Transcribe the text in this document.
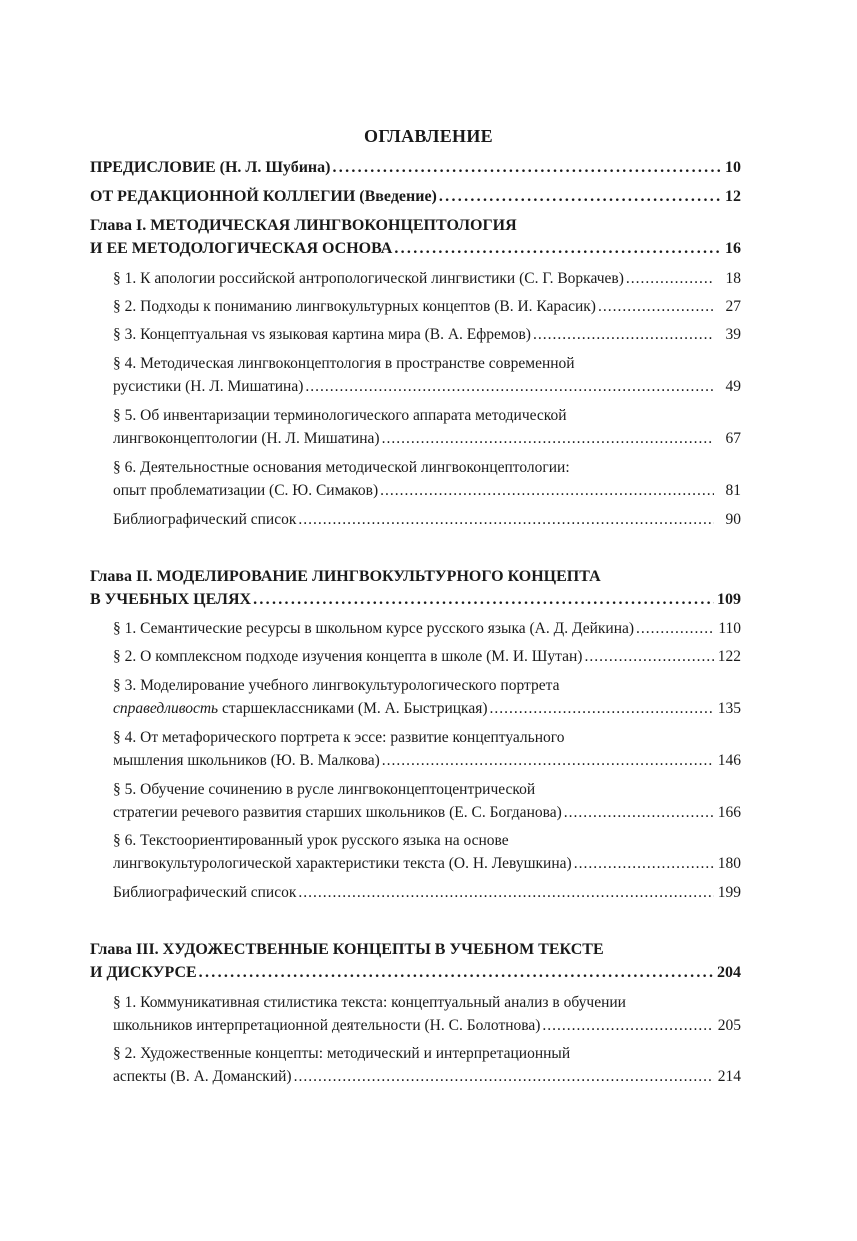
ОГЛАВЛЕНИЕ
ПРЕДИСЛОВИЕ (Н. Л. Шубина) .....	10
ОТ РЕДАКЦИОННОЙ КОЛЛЕГИИ (Введение) .....	12
Глава I. МЕТОДИЧЕСКАЯ ЛИНГВОКОНЦЕПТОЛОГИЯ
И ЕЕ МЕТОДОЛОГИЧЕСКАЯ ОСНОВА .....	16
§ 1. К апологии российской антропологической лингвистики (С. Г. Воркачев) .....	18
§ 2. Подходы к пониманию лингвокультурных концептов (В. И. Карасик) .....	27
§ 3. Концептуальная vs языковая картина мира (В. А. Ефремов) .....	39
§ 4. Методическая лингвоконцептология в пространстве современной
русистики (Н. Л. Мишатина) .....	49
§ 5. Об инвентаризации терминологического аппарата методической
лингвоконцептологии (Н. Л. Мишатина) .....	67
§ 6. Деятельностные основания методической лингвоконцептологии:
опыт проблематизации (С. Ю. Симаков) .....	81
Библиографический список .....	90
Глава II. МОДЕЛИРОВАНИЕ ЛИНГВОКУЛЬТУРНОГО КОНЦЕПТА
В УЧЕБНЫХ ЦЕЛЯХ .....	109
§ 1. Семантические ресурсы в школьном курсе русского языка (А. Д. Дейкина) .....	110
§ 2. О комплексном подходе изучения концепта в школе (М. И. Шутан) .....	122
§ 3. Моделирование учебного лингвокультурологического портрета
справедливость старшеклассниками (М. А. Быстрицкая) .....	135
§ 4. От метафорического портрета к эссе: развитие концептуального
мышления школьников (Ю. В. Малкова) .....	146
§ 5. Обучение сочинению в русле лингвоконцептоцентрической
стратегии речевого развития старших школьников (Е. С. Богданова) .....	166
§ 6. Текстоориентированный урок русского языка на основе
лингвокультурологической характеристики текста (О. Н. Левушкина) .....	180
Библиографический список .....	199
Глава III. ХУДОЖЕСТВЕННЫЕ КОНЦЕПТЫ В УЧЕБНОМ ТЕКСТЕ
И ДИСКУРСЕ .....	204
§ 1. Коммуникативная стилистика текста: концептуальный анализ в обучении
школьников интерпретационной деятельности (Н. С. Болотнова) .....	205
§ 2. Художественные концепты: методический и интерпретационный
аспекты (В. А. Доманский) .....	214
